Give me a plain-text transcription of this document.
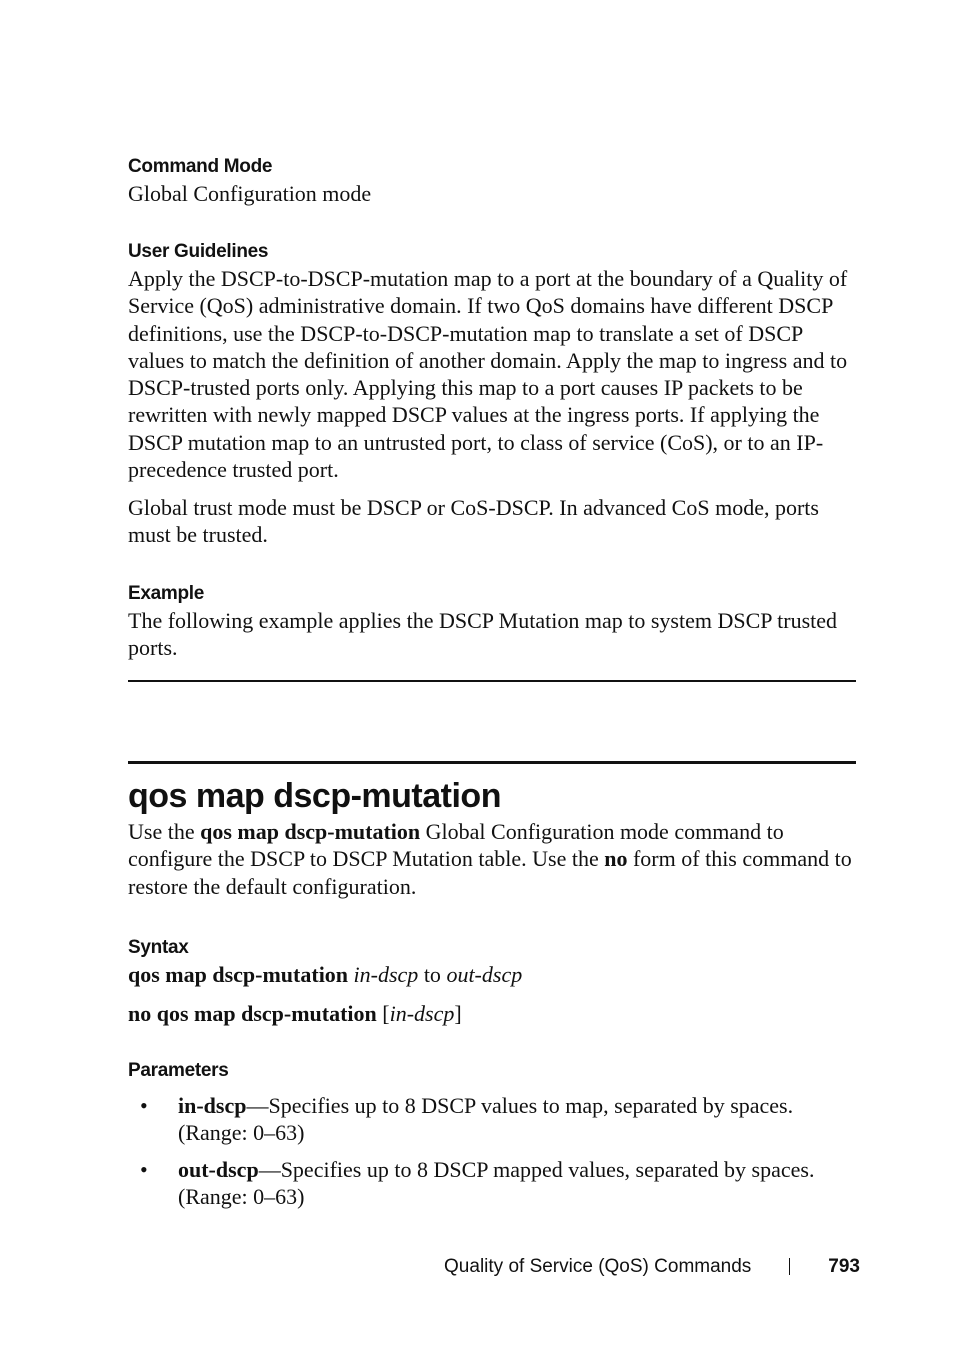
Command Mode

Global Configuration mode

User Guidelines

Apply the DSCP-to-DSCP-mutation map to a port at the boundary of a Quality of Service (QoS) administrative domain. If two QoS domains have different DSCP definitions, use the DSCP-to-DSCP-mutation map to translate a set of DSCP values to match the definition of another domain. Apply the map to ingress and to DSCP-trusted ports only. Applying this map to a port causes IP packets to be rewritten with newly mapped DSCP values at the ingress ports. If applying the DSCP mutation map to an untrusted port, to class of service (CoS), or to an IP-precedence trusted port.

Global trust mode must be DSCP or CoS-DSCP. In advanced CoS mode, ports must be trusted.

Example

The following example applies the DSCP Mutation map to system DSCP trusted ports.

qos map dscp-mutation

Use the qos map dscp-mutation Global Configuration mode command to configure the DSCP to DSCP Mutation table. Use the no form of this command to restore the default configuration.

Syntax

qos map dscp-mutation in-dscp to out-dscp

no qos map dscp-mutation [in-dscp]

Parameters

• in-dscp—Specifies up to 8 DSCP values to map, separated by spaces. (Range: 0–63)

• out-dscp—Specifies up to 8 DSCP mapped values, separated by spaces. (Range: 0–63)

Quality of Service (QoS) Commands	793
